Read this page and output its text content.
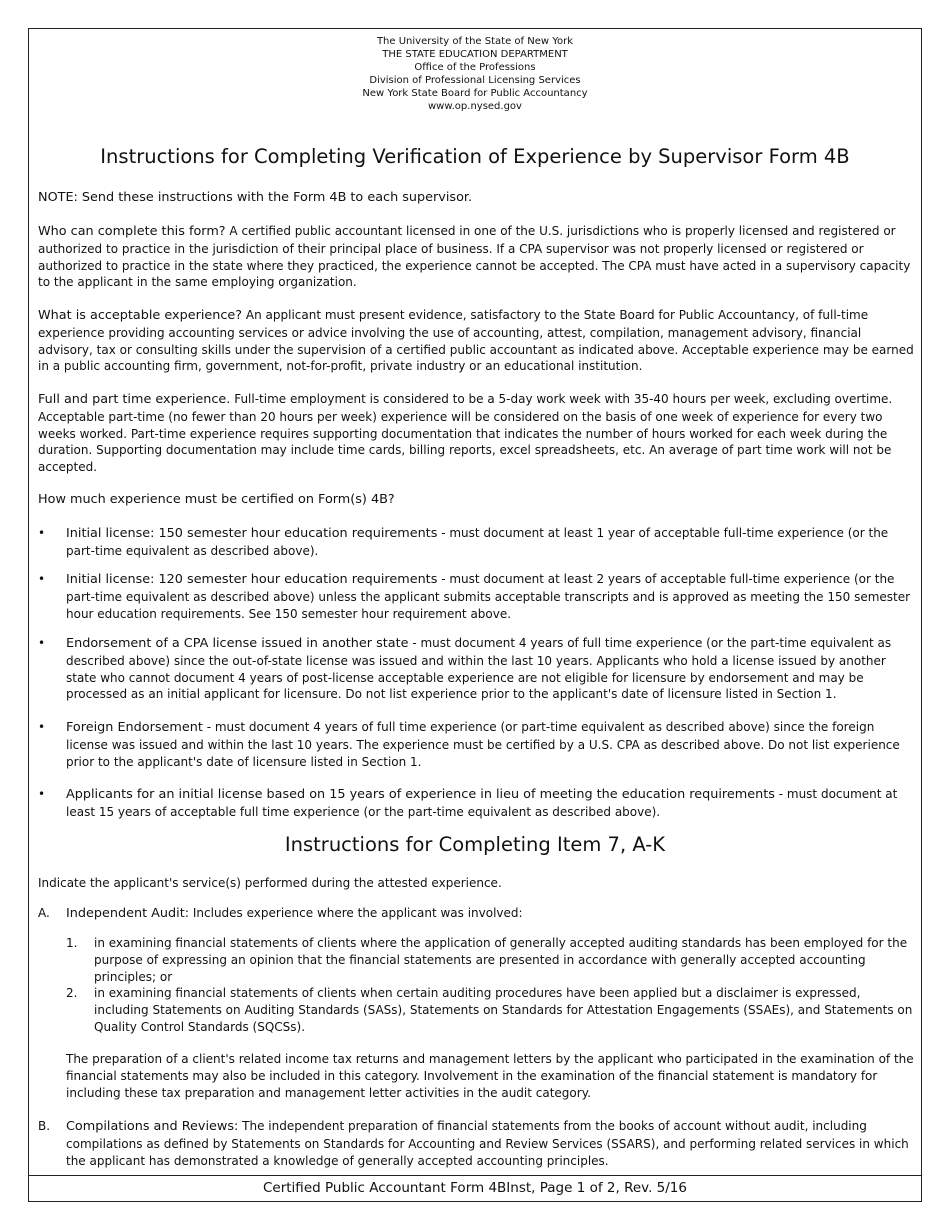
The University of the State of New York
THE STATE EDUCATION DEPARTMENT
Office of the Professions
Division of Professional Licensing Services
New York State Board for Public Accountancy
www.op.nysed.gov
Instructions for Completing Verification of Experience by Supervisor Form 4B
NOTE: Send these instructions with the Form 4B to each supervisor.
Who can complete this form? A certified public accountant licensed in one of the U.S. jurisdictions who is properly licensed and registered or authorized to practice in the jurisdiction of their principal place of business. If a CPA supervisor was not properly licensed or registered or authorized to practice in the state where they practiced, the experience cannot be accepted. The CPA must have acted in a supervisory capacity to the applicant in the same employing organization.
What is acceptable experience? An applicant must present evidence, satisfactory to the State Board for Public Accountancy, of full-time experience providing accounting services or advice involving the use of accounting, attest, compilation, management advisory, financial advisory, tax or consulting skills under the supervision of a certified public accountant as indicated above. Acceptable experience may be earned in a public accounting firm, government, not-for-profit, private industry or an educational institution.
Full and part time experience. Full-time employment is considered to be a 5-day work week with 35-40 hours per week, excluding overtime. Acceptable part-time (no fewer than 20 hours per week) experience will be considered on the basis of one week of experience for every two weeks worked. Part-time experience requires supporting documentation that indicates the number of hours worked for each week during the duration. Supporting documentation may include time cards, billing reports, excel spreadsheets, etc. An average of part time work will not be accepted.
How much experience must be certified on Form(s) 4B?
• Initial license: 150 semester hour education requirements - must document at least 1 year of acceptable full-time experience (or the part-time equivalent as described above).
• Initial license: 120 semester hour education requirements - must document at least 2 years of acceptable full-time experience (or the part-time equivalent as described above) unless the applicant submits acceptable transcripts and is approved as meeting the 150 semester hour education requirements. See 150 semester hour requirement above.
• Endorsement of a CPA license issued in another state - must document 4 years of full time experience (or the part-time equivalent as described above) since the out-of-state license was issued and within the last 10 years. Applicants who hold a license issued by another state who cannot document 4 years of post-license acceptable experience are not eligible for licensure by endorsement and may be processed as an initial applicant for licensure. Do not list experience prior to the applicant's date of licensure listed in Section 1.
• Foreign Endorsement - must document 4 years of full time experience (or part-time equivalent as described above) since the foreign license was issued and within the last 10 years. The experience must be certified by a U.S. CPA as described above. Do not list experience prior to the applicant's date of licensure listed in Section 1.
• Applicants for an initial license based on 15 years of experience in lieu of meeting the education requirements - must document at least 15 years of acceptable full time experience (or the part-time equivalent as described above).
Instructions for Completing Item 7, A-K
Indicate the applicant's service(s) performed during the attested experience.
A. Independent Audit: Includes experience where the applicant was involved:
1. in examining financial statements of clients where the application of generally accepted auditing standards has been employed for the purpose of expressing an opinion that the financial statements are presented in accordance with generally accepted accounting principles; or
2. in examining financial statements of clients when certain auditing procedures have been applied but a disclaimer is expressed, including Statements on Auditing Standards (SASs), Statements on Standards for Attestation Engagements (SSAEs), and Statements on Quality Control Standards (SQCSs).
The preparation of a client's related income tax returns and management letters by the applicant who participated in the examination of the financial statements may also be included in this category. Involvement in the examination of the financial statement is mandatory for including these tax preparation and management letter activities in the audit category.
B. Compilations and Reviews: The independent preparation of financial statements from the books of account without audit, including compilations as defined by Statements on Standards for Accounting and Review Services (SSARS), and performing related services in which the applicant has demonstrated a knowledge of generally accepted accounting principles.
Certified Public Accountant Form 4BInst, Page 1 of 2, Rev. 5/16
